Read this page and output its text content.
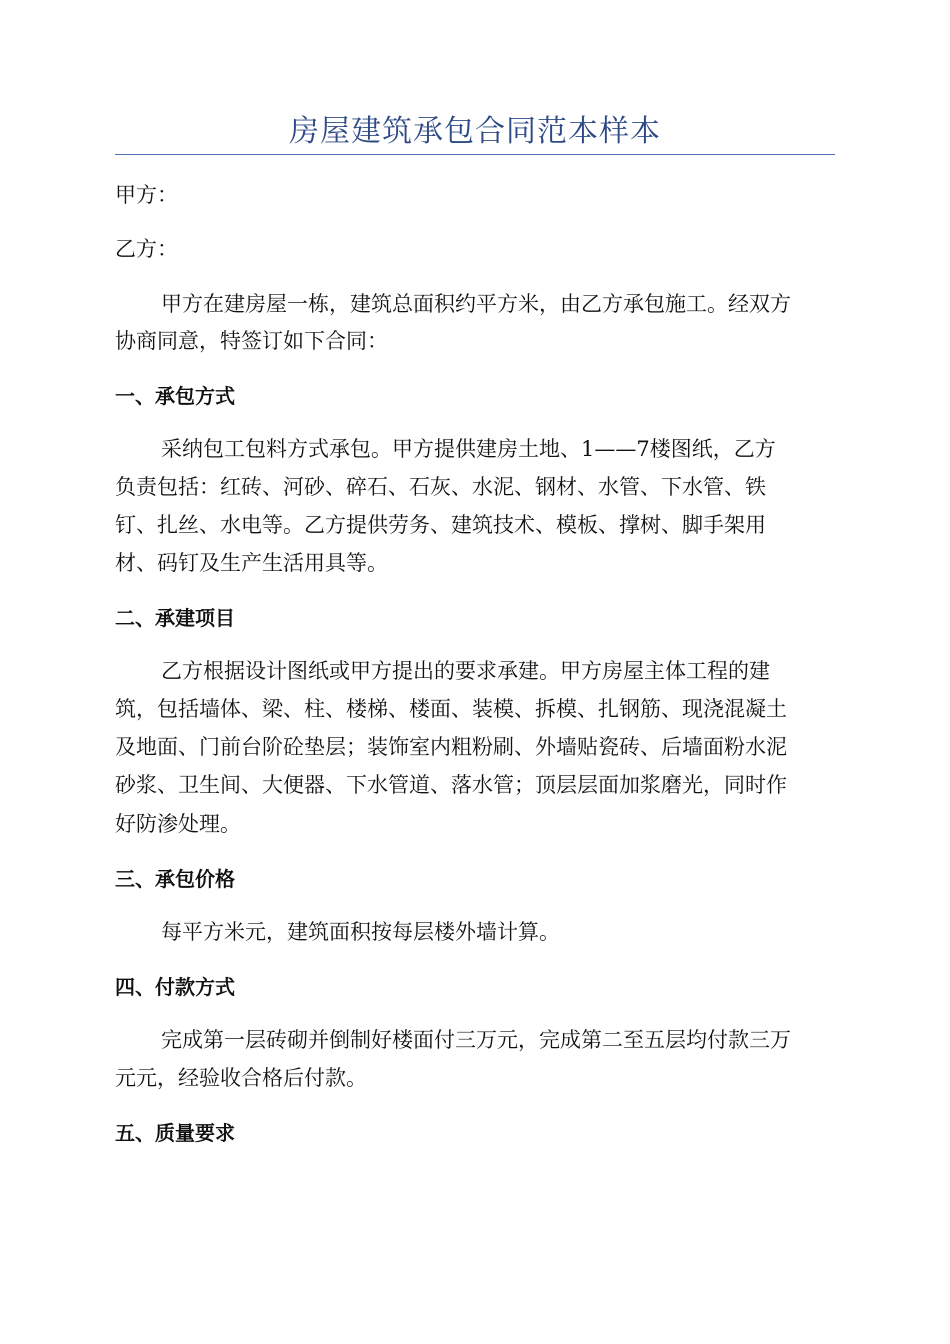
房屋建筑承包合同范本样本
甲方：
乙方：
甲方在建房屋一栋，建筑总面积约平方米，由乙方承包施工。经双方
协商同意，特签订如下合同：
一、承包方式
采纳包工包料方式承包。甲方提供建房土地、1——7楼图纸，乙方
负责包括：红砖、河砂、碎石、石灰、水泥、钢材、水管、下水管、铁
钉、扎丝、水电等。乙方提供劳务、建筑技术、模板、撑树、脚手架用
材、码钉及生产生活用具等。
二、承建项目
乙方根据设计图纸或甲方提出的要求承建。甲方房屋主体工程的建
筑，包括墙体、梁、柱、楼梯、楼面、装模、拆模、扎钢筋、现浇混凝土
及地面、门前台阶砼垫层；装饰室内粗粉刷、外墙贴瓷砖、后墙面粉水泥
砂浆、卫生间、大便器、下水管道、落水管；顶层层面加浆磨光，同时作
好防渗处理。
三、承包价格
每平方米元，建筑面积按每层楼外墙计算。
四、付款方式
完成第一层砖砌并倒制好楼面付三万元，完成第二至五层均付款三万
元元，经验收合格后付款。
五、质量要求
